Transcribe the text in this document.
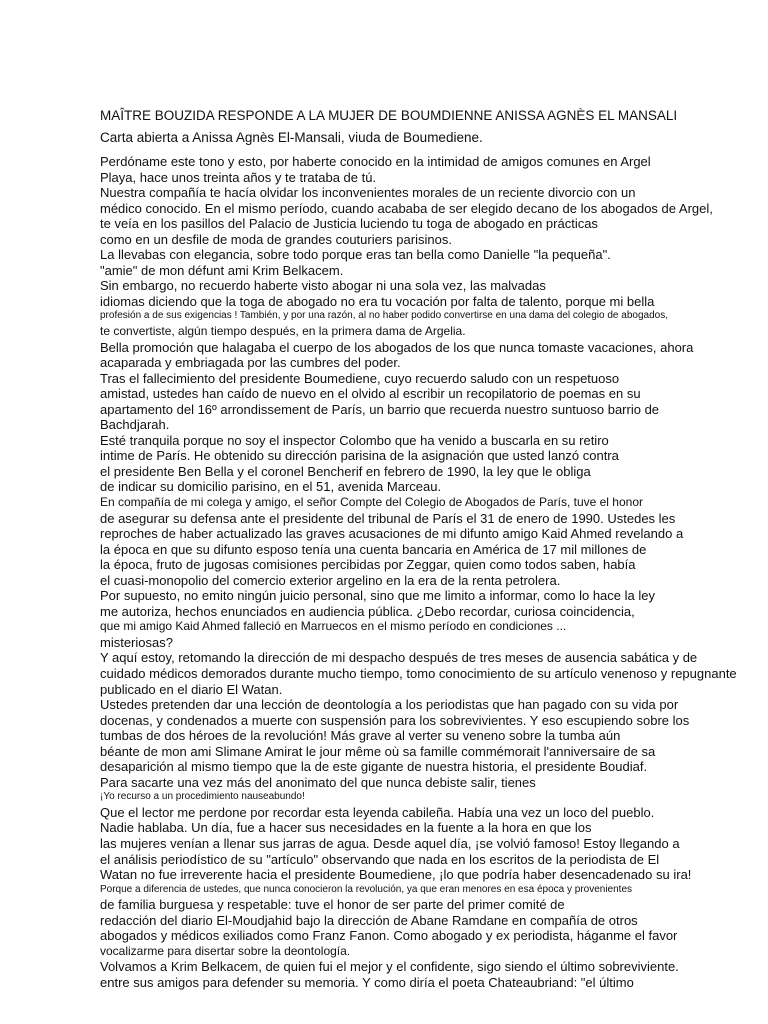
MAÎTRE BOUZIDA RESPONDE A LA MUJER DE BOUMDIENNE ANISSA AGNÈS EL MANSALI

Carta abierta a Anissa Agnès El-Mansali, viuda de Boumediene.

Perdóname este tono y esto, por haberte conocido en la intimidad de amigos comunes en Argel
Playa, hace unos treinta años y te trataba de tú.
Nuestra compañía te hacía olvidar los inconvenientes morales de un reciente divorcio con un
médico conocido. En el mismo período, cuando acababa de ser elegido decano de los abogados de Argel,
te veía en los pasillos del Palacio de Justicia luciendo tu toga de abogado en prácticas
como en un desfile de moda de grandes couturiers parisinos.
La llevabas con elegancia, sobre todo porque eras tan bella como Danielle "la pequeña".
"amie" de mon défunt ami Krim Belkacem.
Sin embargo, no recuerdo haberte visto abogar ni una sola vez, las malvadas
idiomas diciendo que la toga de abogado no era tu vocación por falta de talento, porque mi bella
profesión a de sus exigencias ! También, y por una razón, al no haber podido convertirse en una dama del colegio de abogados,
te convertiste, algún tiempo después, en la primera dama de Argelia.
Bella promoción que halagaba el cuerpo de los abogados de los que nunca tomaste vacaciones, ahora
acaparada y embriagada por las cumbres del poder.
Tras el fallecimiento del presidente Boumediene, cuyo recuerdo saludo con un respetuoso
amistad, ustedes han caído de nuevo en el olvido al escribir un recopilatorio de poemas en su
apartamento del 16º arrondissement de París, un barrio que recuerda nuestro suntuoso barrio de
Bachdjarah.
Esté tranquila porque no soy el inspector Colombo que ha venido a buscarla en su retiro
intime de París. He obtenido su dirección parisina de la asignación que usted lanzó contra
el presidente Ben Bella y el coronel Bencherif en febrero de 1990, la ley que le obliga
de indicar su domicilio parisino, en el 51, avenida Marceau.
En compañía de mi colega y amigo, el señor Compte del Colegio de Abogados de París, tuve el honor
de asegurar su defensa ante el presidente del tribunal de París el 31 de enero de 1990. Ustedes les
reproches de haber actualizado las graves acusaciones de mi difunto amigo Kaid Ahmed revelando a
la época en que su difunto esposo tenía una cuenta bancaria en América de 17 mil millones de
la época, fruto de jugosas comisiones percibidas por Zeggar, quien como todos saben, había
el cuasi-monopolio del comercio exterior argelino en la era de la renta petrolera.
Por supuesto, no emito ningún juicio personal, sino que me limito a informar, como lo hace la ley
me autoriza, hechos enunciados en audiencia pública. ¿Debo recordar, curiosa coincidencia,
que mi amigo Kaid Ahmed falleció en Marruecos en el mismo período en condiciones ...
misteriosas?
Y aquí estoy, retomando la dirección de mi despacho después de tres meses de ausencia sabática y de
cuidado médicos demorados durante mucho tiempo, tomo conocimiento de su artículo venenoso y repugnante
publicado en el diario El Watan.
Ustedes pretenden dar una lección de deontología a los periodistas que han pagado con su vida por
docenas, y condenados a muerte con suspensión para los sobrevivientes. Y eso escupiendo sobre los
tumbas de dos héroes de la revolución! Más grave al verter su veneno sobre la tumba aún
béante de mon ami Slimane Amirat le jour même où sa famille commémorait l'anniversaire de sa
desaparición al mismo tiempo que la de este gigante de nuestra historia, el presidente Boudiaf.
Para sacarte una vez más del anonimato del que nunca debiste salir, tienes
¡Yo recurso a un procedimiento nauseabundo!
Que el lector me perdone por recordar esta leyenda cabileña. Había una vez un loco del pueblo.
Nadie hablaba. Un día, fue a hacer sus necesidades en la fuente a la hora en que los
las mujeres venían a llenar sus jarras de agua. Desde aquel día, ¡se volvió famoso! Estoy llegando a
el análisis periodístico de su "artículo" observando que nada en los escritos de la periodista de El
Watan no fue irreverente hacia el presidente Boumediene, ¡lo que podría haber desencadenado su ira!
Porque a diferencia de ustedes, que nunca conocieron la revolución, ya que eran menores en esa época y provenientes
de familia burguesa y respetable: tuve el honor de ser parte del primer comité de
redacción del diario El-Moudjahid bajo la dirección de Abane Ramdane en compañía de otros
abogados y médicos exiliados como Franz Fanon. Como abogado y ex periodista, háganme el favor
vocalizarme para disertar sobre la deontología.
Volvamos a Krim Belkacem, de quien fui el mejor y el confidente, sigo siendo el último sobreviviente.
entre sus amigos para defender su memoria. Y como diría el poeta Chateaubriand: "el último
